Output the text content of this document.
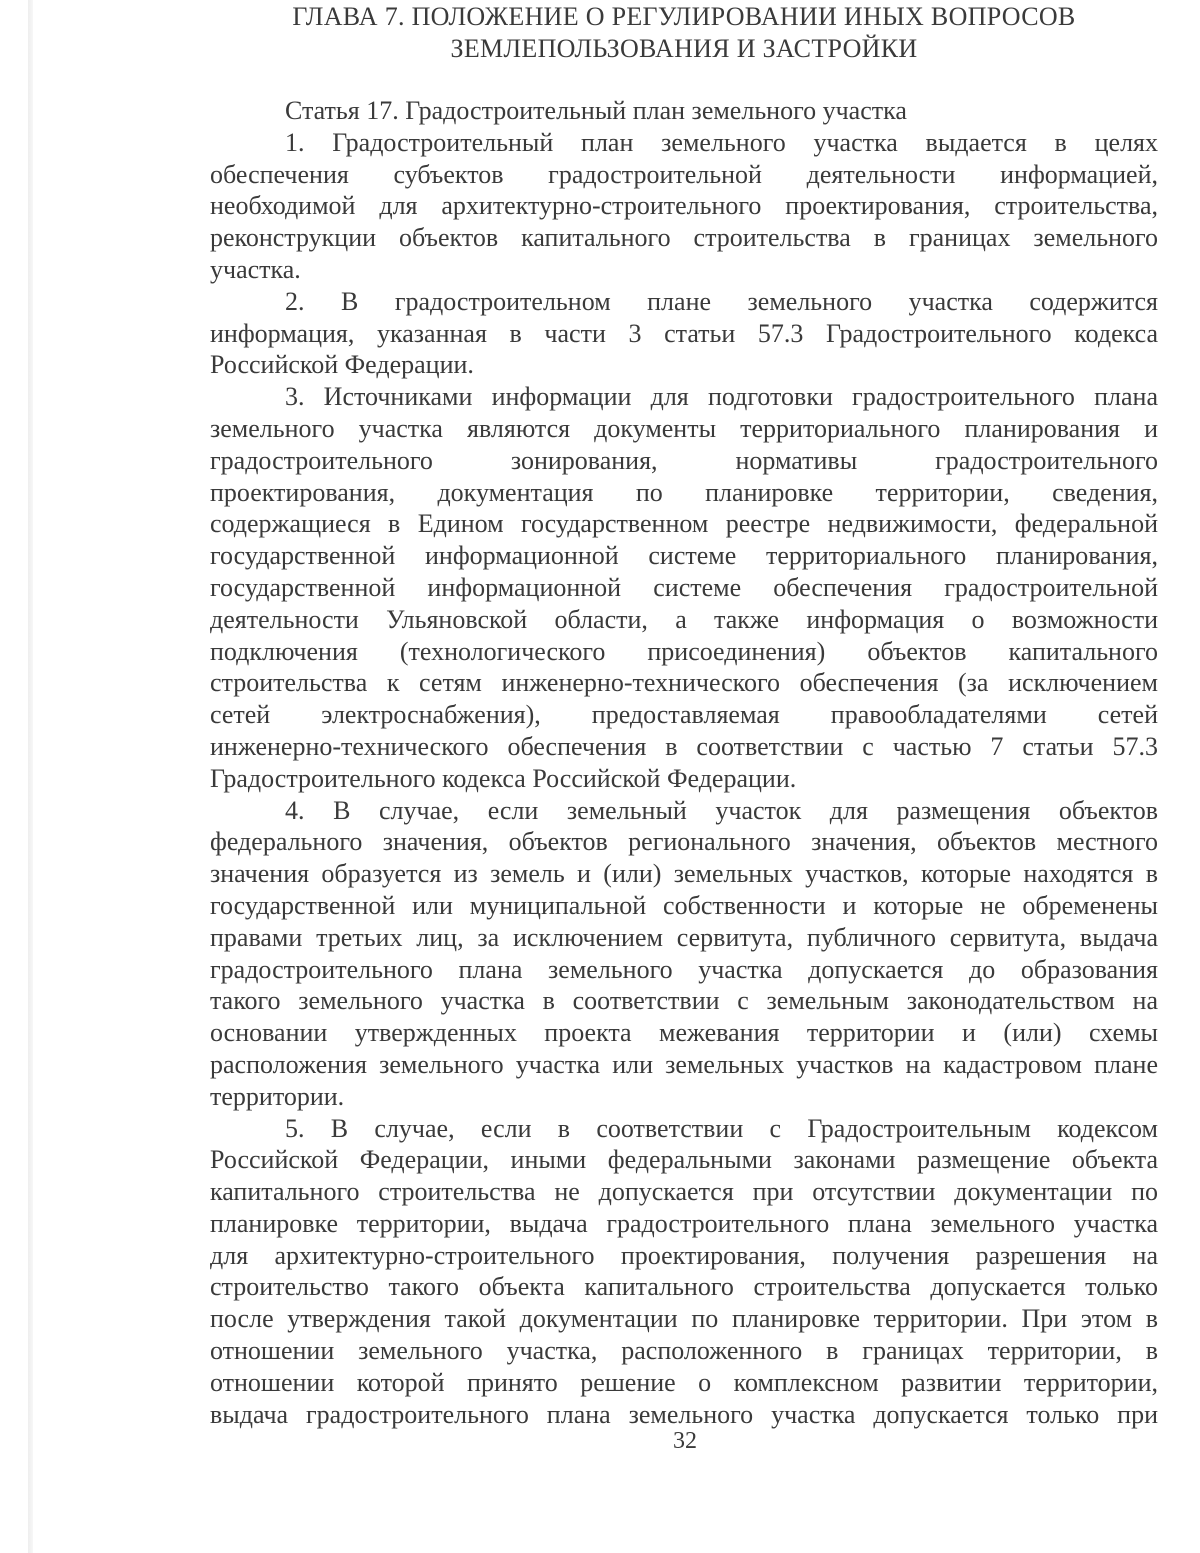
ГЛАВА 7. ПОЛОЖЕНИЕ О РЕГУЛИРОВАНИИ ИНЫХ ВОПРОСОВ
ЗЕМЛЕПОЛЬЗОВАНИЯ И ЗАСТРОЙКИ
Статья 17. Градостроительный план земельного участка
1. Градостроительный план земельного участка выдается в целях
обеспечения субъектов градостроительной деятельности информацией,
необходимой для архитектурно-строительного проектирования, строительства,
реконструкции объектов капитального строительства в границах земельного
участка.
2. В градостроительном плане земельного участка содержится
информация, указанная в части 3 статьи 57.3 Градостроительного кодекса
Российской Федерации.
3. Источниками информации для подготовки градостроительного плана
земельного участка являются документы территориального планирования и
градостроительного зонирования, нормативы градостроительного
проектирования, документация по планировке территории, сведения,
содержащиеся в Едином государственном реестре недвижимости, федеральной
государственной информационной системе территориального планирования,
государственной информационной системе обеспечения градостроительной
деятельности Ульяновской области, а также информация о возможности
подключения (технологического присоединения) объектов капитального
строительства к сетям инженерно-технического обеспечения (за исключением
сетей электроснабжения), предоставляемая правообладателями сетей
инженерно-технического обеспечения в соответствии с частью 7 статьи 57.3
Градостроительного кодекса Российской Федерации.
4. В случае, если земельный участок для размещения объектов
федерального значения, объектов регионального значения, объектов местного
значения образуется из земель и (или) земельных участков, которые находятся в
государственной или муниципальной собственности и которые не обременены
правами третьих лиц, за исключением сервитута, публичного сервитута, выдача
градостроительного плана земельного участка допускается до образования
такого земельного участка в соответствии с земельным законодательством на
основании утвержденных проекта межевания территории и (или) схемы
расположения земельного участка или земельных участков на кадастровом плане
территории.
5. В случае, если в соответствии с Градостроительным кодексом
Российской Федерации, иными федеральными законами размещение объекта
капитального строительства не допускается при отсутствии документации по
планировке территории, выдача градостроительного плана земельного участка
для архитектурно-строительного проектирования, получения разрешения на
строительство такого объекта капитального строительства допускается только
после утверждения такой документации по планировке территории. При этом в
отношении земельного участка, расположенного в границах территории, в
отношении которой принято решение о комплексном развитии территории,
выдача градостроительного плана земельного участка допускается только при
32
